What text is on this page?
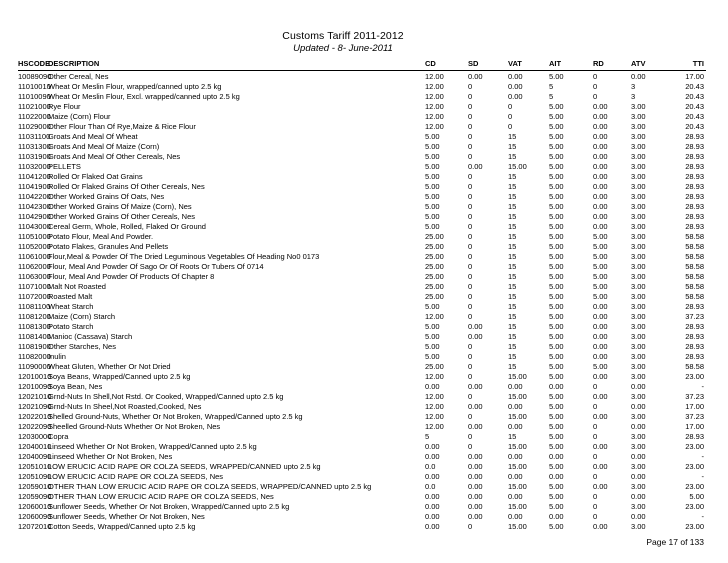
Customs Tariff 2011-2012
Updated - 8- June-2011
HSCODE	DESCRIPTION	CD	SD	VAT	AIT	RD	ATV	TTI
10089090	Other Cereal, Nes	12.00	0.00	0.00	5.00	0	0.00	17.00
11010010	Wheat Or Meslin Flour, wrapped/canned upto 2.5 kg	12.00	0	0.00	5	0	3	20.43
11010090	Wheat Or Meslin Flour, Excl. wrapped/canned upto 2.5 kg	12.00	0	0.00	5	0	3	20.43
11021000	Rye Flour	12.00	0	0	5.00	0.00	3.00	20.43
11022000	Maize (Corn) Flour	12.00	0	0	5.00	0.00	3.00	20.43
11029000	Other Flour Than Of Rye,Maize & Rice Flour	12.00	0	0	5.00	0.00	3.00	20.43
11031100	Groats And Meal Of Wheat	5.00	0	15	5.00	0.00	3.00	28.93
11031300	Groats And Meal Of Maize (Corn)	5.00	0	15	5.00	0.00	3.00	28.93
11031900	Groats And Meal Of Other Cereals, Nes	5.00	0	15	5.00	0.00	3.00	28.93
11032000	PELLETS	5.00	0.00	15.00	5.00	0.00	3.00	28.93
11041200	Rolled Or Flaked Oat Grains	5.00	0	15	5.00	0.00	3.00	28.93
11041900	Rolled Or Flaked Grains Of Other Cereals, Nes	5.00	0	15	5.00	0.00	3.00	28.93
11042200	Other Worked Grains Of Oats, Nes	5.00	0	15	5.00	0.00	3.00	28.93
11042300	Other Worked Grains Of Maize (Corn), Nes	5.00	0	15	5.00	0.00	3.00	28.93
11042900	Other Worked Grains Of Other Cereals, Nes	5.00	0	15	5.00	0.00	3.00	28.93
11043000	Cereal Germ, Whole, Rolled, Flaked Or Ground	5.00	0	15	5.00	0.00	3.00	28.93
11051000	Potato Flour, Meal And Powder.	25.00	0	15	5.00	5.00	3.00	58.58
11052000	Potato Flakes, Granules And Pellets	25.00	0	15	5.00	5.00	3.00	58.58
11061000	Flour,Meal & Powder Of The Dried Leguminous Vegetables Of Heading No0 0173	25.00	0	15	5.00	5.00	3.00	58.58
11062000	Flour, Meal And Powder Of Sago Or Of Roots Or Tubers Of 0714	25.00	0	15	5.00	5.00	3.00	58.58
11063000	Flour, Meal And Powder Of Products Of Chapter 8	25.00	0	15	5.00	5.00	3.00	58.58
11071000	Malt Not Roasted	25.00	0	15	5.00	5.00	3.00	58.58
11072000	Roasted Malt	25.00	0	15	5.00	5.00	3.00	58.58
11081100	Wheat Starch	5.00	0	15	5.00	0.00	3.00	28.93
11081200	Maize (Corn) Starch	12.00	0	15	5.00	0.00	3.00	37.23
11081300	Potato Starch	5.00	0.00	15	5.00	0.00	3.00	28.93
11081400	Manioc (Cassava) Starch	5.00	0.00	15	5.00	0.00	3.00	28.93
11081900	Other Starches, Nes	5.00	0	15	5.00	0.00	3.00	28.93
11082000	Inulin	5.00	0	15	5.00	0.00	3.00	28.93
11090000	Wheat Gluten, Whether Or Not Dried	25.00	0	15	5.00	5.00	3.00	58.58
12010010	Soya Beans, Wrapped/Canned upto 2.5 kg	12.00	0	15.00	5.00	0.00	3.00	23.00
12010090	Soya Bean, Nes	0.00	0.00	0.00	0.00	0	0.00	-
12021010	Grnd-Nuts In Shell,Not Rstd. Or Cooked, Wrapped/Canned upto 2.5 kg	12.00	0	15.00	5.00	0.00	3.00	37.23
12021090	Grnd-Nuts In Sheel,Not Roasted,Cooked, Nes	12.00	0.00	0.00	5.00	0	0.00	17.00
12022010	Shelled Ground-Nuts, Whether Or Not Broken, Wrapped/Canned upto 2.5 kg	12.00	0	15.00	5.00	0.00	3.00	37.23
12022090	Sheelled Ground-Nuts Whether Or Not Broken, Nes	12.00	0.00	0.00	5.00	0	0.00	17.00
12030000	Copra	5	0	15	5.00	0	3.00	28.93
12040010	Linseed Whether Or Not Broken, Wrapped/Canned upto 2.5 kg	0.00	0	15.00	5.00	0.00	3.00	23.00
12040090	Linseed Whether Or Not Broken, Nes	0.00	0.00	0.00	0.00	0	0.00	-
12051010	LOW ERUCIC ACID RAPE OR COLZA SEEDS, WRAPPED/CANNED upto 2.5 kg	0.0	0.00	15.00	5.00	0.00	3.00	23.00
12051090	LOW ERUCIC ACID RAPE OR COLZA SEEDS, Nes	0.00	0.00	0.00	0.00	0	0.00	-
12059010	OTHER THAN LOW ERUCIC ACID RAPE OR COLZA SEEDS, WRAPPED/CANNED upto 2.5 kg	0.0	0.00	15.00	5.00	0.00	3.00	23.00
12059090	OTHER THAN LOW ERUCIC ACID RAPE OR COLZA SEEDS, Nes	0.00	0.00	0.00	5.00	0	0.00	5.00
12060010	Sunflower Seeds, Whether Or Not Broken, Wrapped/Canned upto 2.5 kg	0.00	0.00	15.00	5.00	0	3.00	23.00
12060090	Sunflower Seeds, Whether Or Not Broken, Nes	0.00	0.00	0.00	0.00	0	0.00	-
12072010	Cotton Seeds, Wrapped/Canned upto 2.5 kg	0.00	0	15.00	5.00	0.00	3.00	23.00
Page 17 of 133
